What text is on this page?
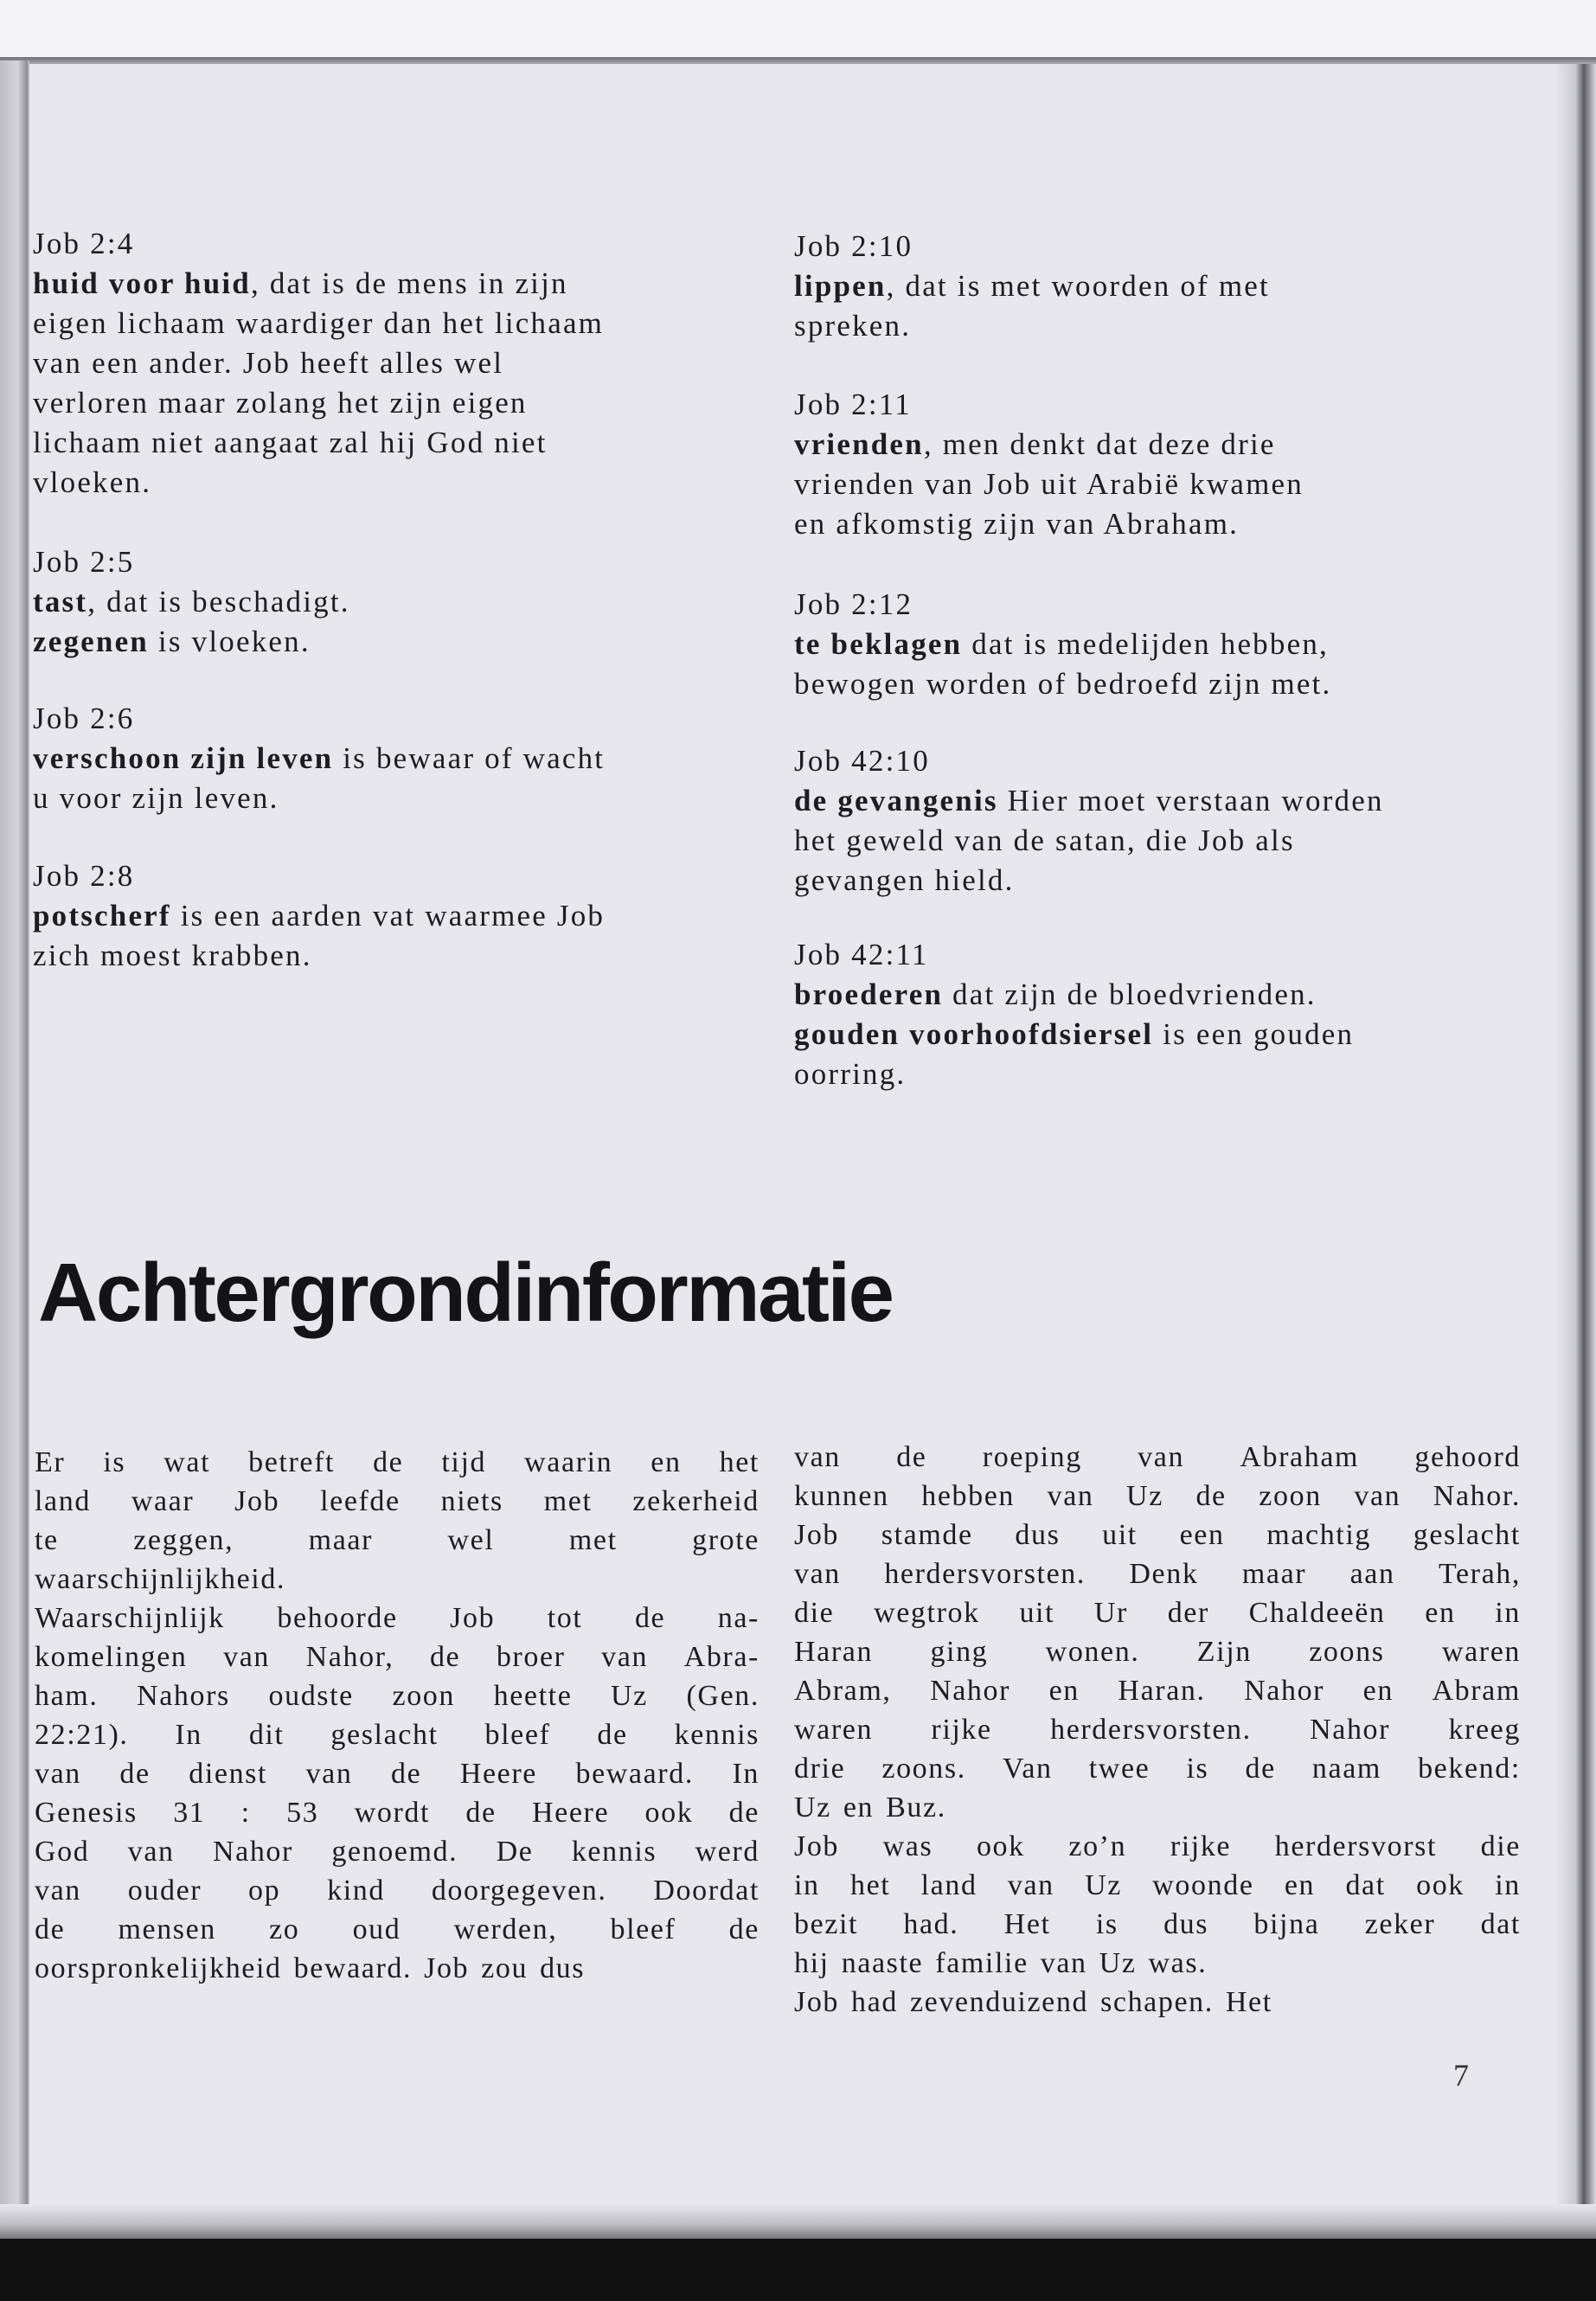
Job 2:4
huid voor huid, dat is de mens in zijn
eigen lichaam waardiger dan het lichaam
van een ander. Job heeft alles wel
verloren maar zolang het zijn eigen
lichaam niet aangaat zal hij God niet
vloeken.
Job 2:5
tast, dat is beschadigt.
zegenen is vloeken.
Job 2:6
verschoon zijn leven is bewaar of wacht
u voor zijn leven.
Job 2:8
potscherf is een aarden vat waarmee Job
zich moest krabben.
Job 2:10
lippen, dat is met woorden of met
spreken.
Job 2:11
vrienden, men denkt dat deze drie
vrienden van Job uit Arabië kwamen
en afkomstig zijn van Abraham.
Job 2:12
te beklagen dat is medelijden hebben,
bewogen worden of bedroefd zijn met.
Job 42:10
de gevangenis Hier moet verstaan worden
het geweld van de satan, die Job als
gevangen hield.
Job 42:11
broederen dat zijn de bloedvrienden.
gouden voorhoofdsiersel is een gouden
oorring.
Achtergrondinformatie
Er is wat betreft de tijd waarin en het
land waar Job leefde niets met zekerheid
te	zeggen,	maar	wel	met	grote
waarschijnlijkheid.
Waarschijnlijk behoorde Job tot de na-
komelingen van Nahor, de broer van Abra-
ham. Nahors oudste zoon heette Uz (Gen.
22:21). In dit geslacht bleef de kennis
van de dienst van de Heere bewaard. In
Genesis 31 : 53 wordt de Heere ook de
God van Nahor genoemd. De kennis werd
van ouder op kind doorgegeven. Doordat
de mensen zo oud werden, bleef de
oorspronkelijkheid bewaard. Job zou dus
van de roeping van Abraham gehoord
kunnen hebben van Uz de zoon van Nahor.
Job stamde dus uit een machtig geslacht
van herdersvorsten. Denk maar aan Terah,
die wegtrok uit Ur der Chaldeeën en in
Haran ging wonen. Zijn zoons waren
Abram, Nahor en Haran. Nahor en Abram
waren rijke herdersvorsten. Nahor kreeg
drie zoons. Van twee is de naam bekend:
Uz en Buz.
Job was ook zo’n rijke herdersvorst die
in het land van Uz woonde en dat ook in
bezit had. Het is dus bijna zeker dat
hij naaste familie van Uz was.
Job had zevenduizend schapen. Het
7
